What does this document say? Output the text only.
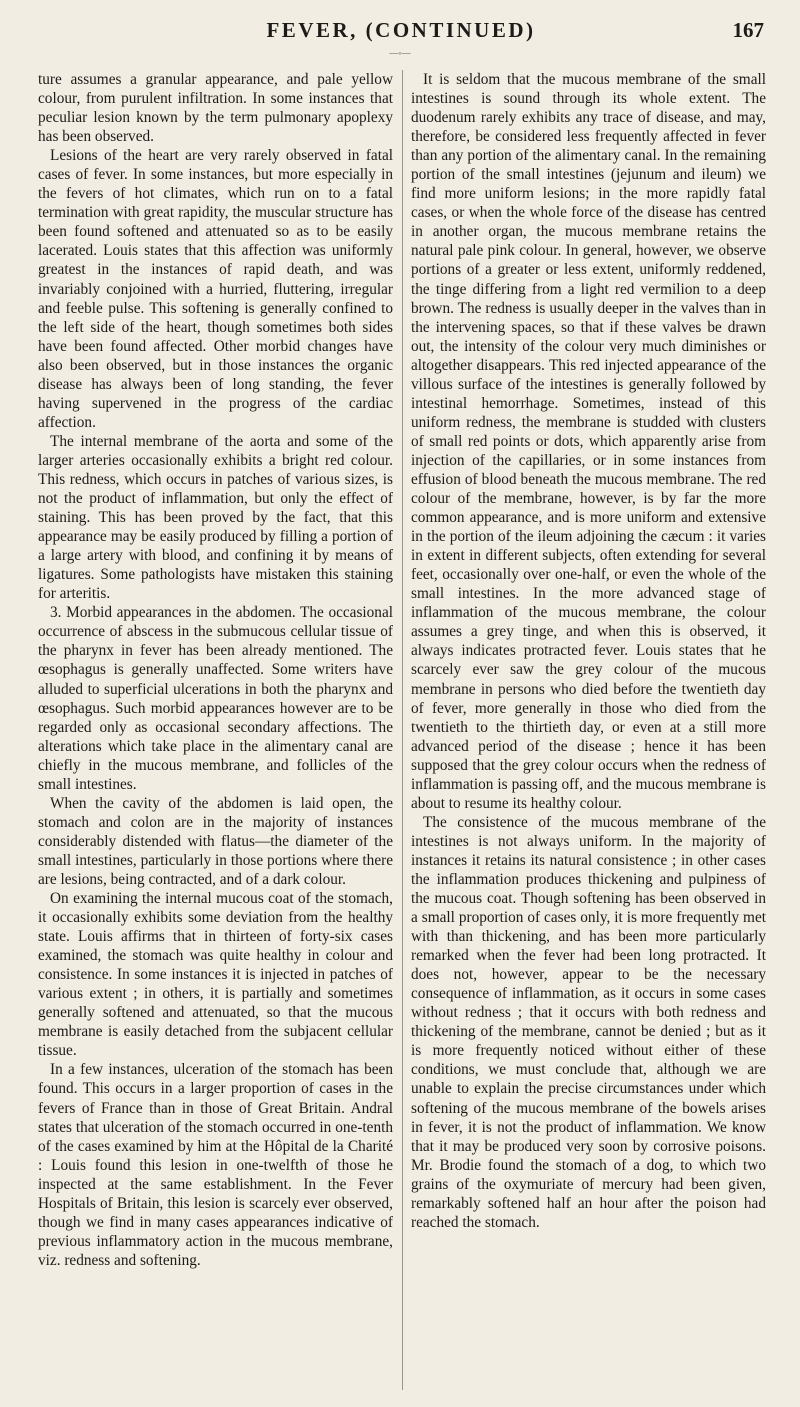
FEVER, (CONTINUED)	167
—◦—

ture assumes a granular appearance, and pale yellow colour, from purulent infiltration. In some instances that peculiar lesion known by the term pulmonary apoplexy has been observed.

Lesions of the heart are very rarely observed in fatal cases of fever. In some instances, but more especially in the fevers of hot climates, which run on to a fatal termination with great rapidity, the muscular structure has been found softened and attenuated so as to be easily lacerated. Louis states that this affection was uniformly greatest in the instances of rapid death, and was invariably conjoined with a hurried, fluttering, irregular and feeble pulse. This softening is generally confined to the left side of the heart, though sometimes both sides have been found affected. Other morbid changes have also been observed, but in those instances the organic disease has always been of long standing, the fever having supervened in the progress of the cardiac affection.

The internal membrane of the aorta and some of the larger arteries occasionally exhibits a bright red colour. This redness, which occurs in patches of various sizes, is not the product of inflammation, but only the effect of staining. This has been proved by the fact, that this appearance may be easily produced by filling a portion of a large artery with blood, and confining it by means of ligatures. Some pathologists have mistaken this staining for arteritis.

3. Morbid appearances in the abdomen. The occasional occurrence of abscess in the submucous cellular tissue of the pharynx in fever has been already mentioned. The œsophagus is generally unaffected. Some writers have alluded to superficial ulcerations in both the pharynx and œsophagus. Such morbid appearances however are to be regarded only as occasional secondary affections. The alterations which take place in the alimentary canal are chiefly in the mucous membrane, and follicles of the small intestines.

When the cavity of the abdomen is laid open, the stomach and colon are in the majority of instances considerably distended with flatus—the diameter of the small intestines, particularly in those portions where there are lesions, being contracted, and of a dark colour.

On examining the internal mucous coat of the stomach, it occasionally exhibits some deviation from the healthy state. Louis affirms that in thirteen of forty-six cases examined, the stomach was quite healthy in colour and consistence. In some instances it is injected in patches of various extent ; in others, it is partially and sometimes generally softened and attenuated, so that the mucous membrane is easily detached from the subjacent cellular tissue.

In a few instances, ulceration of the stomach has been found. This occurs in a larger proportion of cases in the fevers of France than in those of Great Britain. Andral states that ulceration of the stomach occurred in one-tenth of the cases examined by him at the Hôpital de la Charité : Louis found this lesion in one-twelfth of those he inspected at the same establishment. In the Fever Hospitals of Britain, this lesion is scarcely ever observed, though we find in many cases appearances indicative of previous inflammatory action in the mucous membrane, viz. redness and softening.

It is seldom that the mucous membrane of the small intestines is sound through its whole extent. The duodenum rarely exhibits any trace of disease, and may, therefore, be considered less frequently affected in fever than any portion of the alimentary canal. In the remaining portion of the small intestines (jejunum and ileum) we find more uniform lesions; in the more rapidly fatal cases, or when the whole force of the disease has centred in another organ, the mucous membrane retains the natural pale pink colour. In general, however, we observe portions of a greater or less extent, uniformly reddened, the tinge differing from a light red vermilion to a deep brown. The redness is usually deeper in the valves than in the intervening spaces, so that if these valves be drawn out, the intensity of the colour very much diminishes or altogether disappears. This red injected appearance of the villous surface of the intestines is generally followed by intestinal hemorrhage. Sometimes, instead of this uniform redness, the membrane is studded with clusters of small red points or dots, which apparently arise from injection of the capillaries, or in some instances from effusion of blood beneath the mucous membrane. The red colour of the membrane, however, is by far the more common appearance, and is more uniform and extensive in the portion of the ileum adjoining the cæcum : it varies in extent in different subjects, often extending for several feet, occasionally over one-half, or even the whole of the small intestines. In the more advanced stage of inflammation of the mucous membrane, the colour assumes a grey tinge, and when this is observed, it always indicates protracted fever. Louis states that he scarcely ever saw the grey colour of the mucous membrane in persons who died before the twentieth day of fever, more generally in those who died from the twentieth to the thirtieth day, or even at a still more advanced period of the disease ; hence it has been supposed that the grey colour occurs when the redness of inflammation is passing off, and the mucous membrane is about to resume its healthy colour.

The consistence of the mucous membrane of the intestines is not always uniform. In the majority of instances it retains its natural consistence ; in other cases the inflammation produces thickening and pulpiness of the mucous coat. Though softening has been observed in a small proportion of cases only, it is more frequently met with than thickening, and has been more particularly remarked when the fever had been long protracted. It does not, however, appear to be the necessary consequence of inflammation, as it occurs in some cases without redness ; that it occurs with both redness and thickening of the membrane, cannot be denied ; but as it is more frequently noticed without either of these conditions, we must conclude that, although we are unable to explain the precise circumstances under which softening of the mucous membrane of the bowels arises in fever, it is not the product of inflammation. We know that it may be produced very soon by corrosive poisons. Mr. Brodie found the stomach of a dog, to which two grains of the oxymuriate of mercury had been given, remarkably softened half an hour after the poison had reached the stomach.
